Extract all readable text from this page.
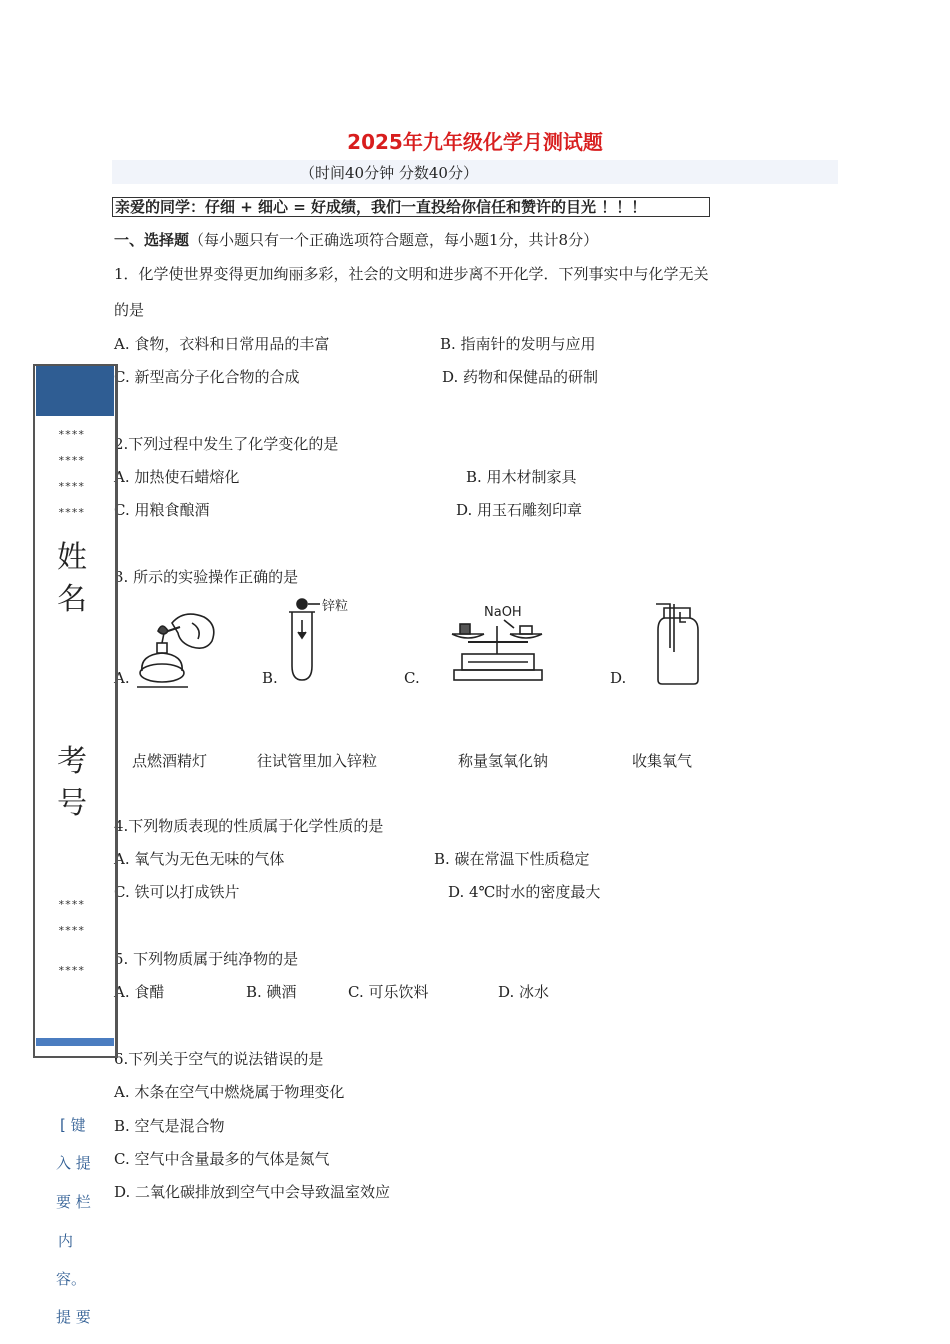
2025年九年级化学月测试题
（时间40分钟 分数40分）
亲爱的同学：仔细 + 细心 = 好成绩，我们一直投给你信任和赞许的目光 ！！！
一、选择题（每小题只有一个正确选项符合题意，每小题1分，共计8分）
1．化学使世界变得更加绚丽多彩，社会的文明和进步离不开化学．下列事实中与化学无关
的是
A. 食物，衣料和日常用品的丰富	B. 指南针的发明与应用
C. 新型高分子化合物的合成	D. 药物和保健品的研制
2.下列过程中发生了化学变化的是
A. 加热使石蜡熔化	B. 用木材制家具
C. 用粮食酿酒	D. 用玉石雕刻印章
3. 所示的实验操作正确的是
A.	B.	C.	D.
锌粒	NaOH
点燃酒精灯	往试管里加入锌粒	称量氢氧化钠	收集氧气
4.下列物质表现的性质属于化学性质的是
A. 氧气为无色无味的气体	B. 碳在常温下性质稳定
C. 铁可以打成铁片	D. 4℃时水的密度最大
5. 下列物质属于纯净物的是
A. 食醋	B. 碘酒	C. 可乐饮料	D. 冰水
6.下列关于空气的说法错误的是
A. 木条在空气中燃烧属于物理变化
B. 空气是混合物
C. 空气中含量最多的气体是氮气
D. 二氧化碳排放到空气中会导致温室效应
****
****
****
****
姓
名
考
号
****
****
****
[ 键
入 提
要 栏
内
容。
提 要
